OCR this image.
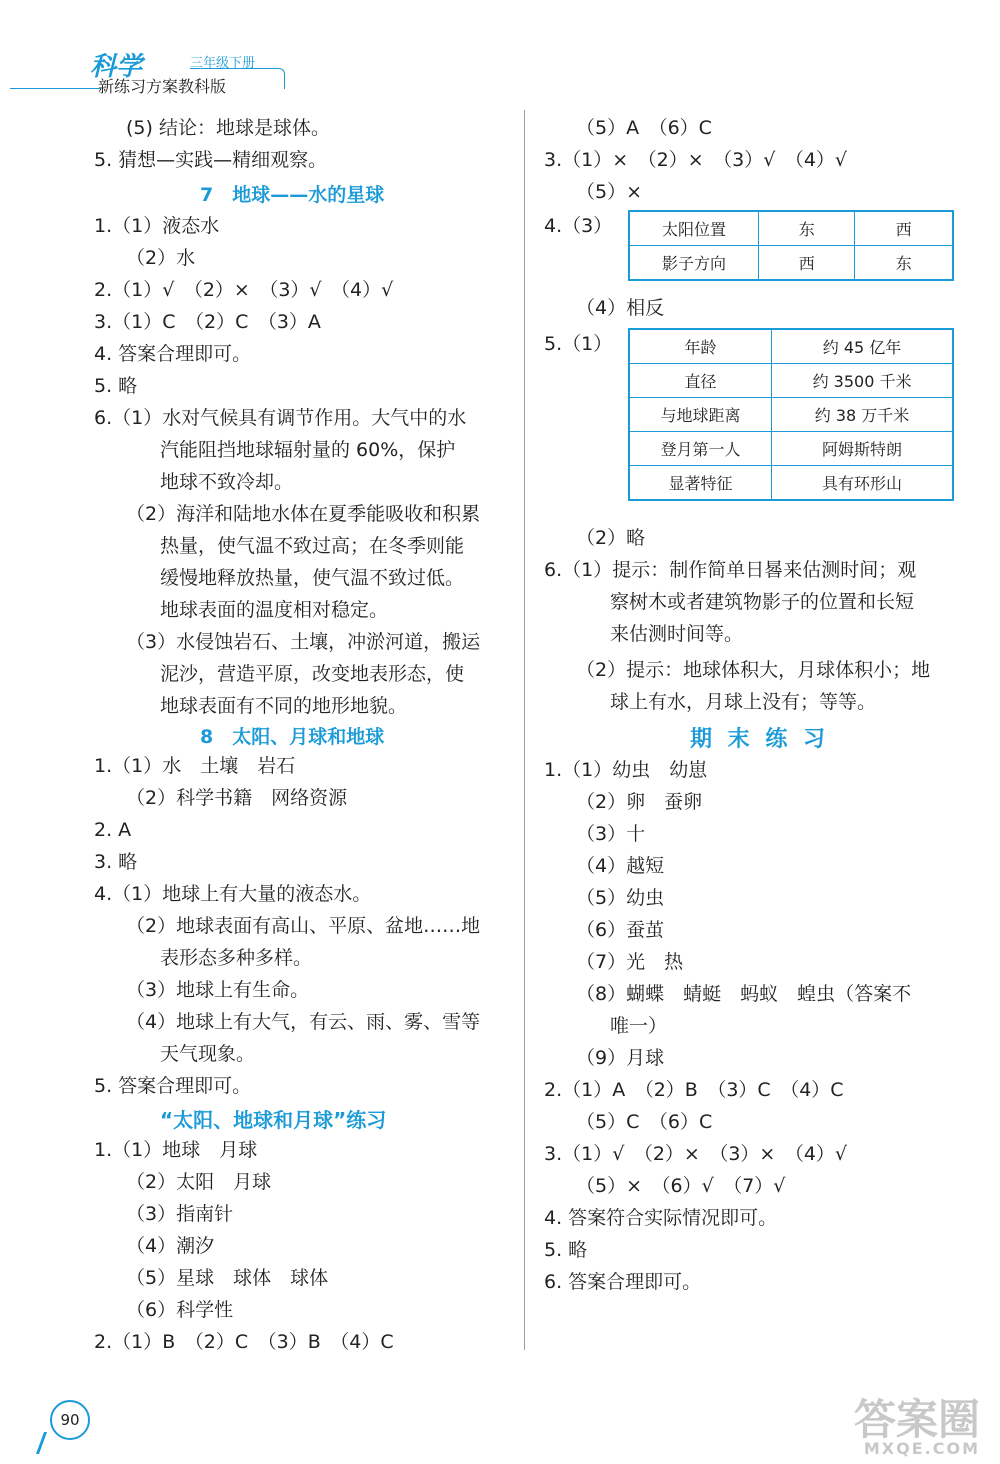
科学	三年级下册
新练习方案教科版
(5) 结论：地球是球体。
5. 猜想—实践—精细观察。
7　地球——水的星球
1.（1）液态水
（2）水
2.（1）√　（2）×　（3）√　（4）√
3.（1）C　（2）C　（3）A
4. 答案合理即可。
5. 略
6.（1）水对气候具有调节作用。大气中的水
汽能阻挡地球辐射量的 60%，保护
地球不致冷却。
（2）海洋和陆地水体在夏季能吸收和积累
热量，使气温不致过高；在冬季则能
缓慢地释放热量，使气温不致过低。
地球表面的温度相对稳定。
（3）水侵蚀岩石、土壤，冲淤河道，搬运
泥沙，营造平原，改变地表形态，使
地球表面有不同的地形地貌。
8　太阳、月球和地球
1.（1）水　土壤　岩石
（2）科学书籍　网络资源
2. A
3. 略
4.（1）地球上有大量的液态水。
（2）地球表面有高山、平原、盆地……地
表形态多种多样。
（3）地球上有生命。
（4）地球上有大气，有云、雨、雾、雪等
天气现象。
5. 答案合理即可。
“太阳、地球和月球”练习
1.（1）地球　月球
（2）太阳　月球
（3）指南针
（4）潮汐
（5）星球　球体　球体
（6）科学性
2.（1）B　（2）C　（3）B　（4）C
（5）A　（6）C
3.（1）×　（2）×　（3）√　（4）√
（5）×
4.（3）	太阳位置	东	西
影子方向	西	东
（4）相反
5.（1）	年龄	约 45 亿年
直径	约 3500 千米
与地球距离	约 38 万千米
登月第一人	阿姆斯特朗
显著特征	具有环形山
（2）略
6.（1）提示：制作简单日晷来估测时间；观
察树木或者建筑物影子的位置和长短
来估测时间等。
（2）提示：地球体积大，月球体积小；地
球上有水，月球上没有；等等。
期 末 练 习
1.（1）幼虫　幼崽
（2）卵　蚕卵
（3）十
（4）越短
（5）幼虫
（6）蚕茧
（7）光　热
（8）蝴蝶　蜻蜓　蚂蚁　蝗虫（答案不
唯一）
（9）月球
2.（1）A　（2）B　（3）C　（4）C
（5）C　（6）C
3.（1）√　（2）×　（3）×　（4）√
（5）×　（6）√　（7）√
4. 答案符合实际情况即可。
5. 略
6. 答案合理即可。
90	答案圈
MXQE.COM
